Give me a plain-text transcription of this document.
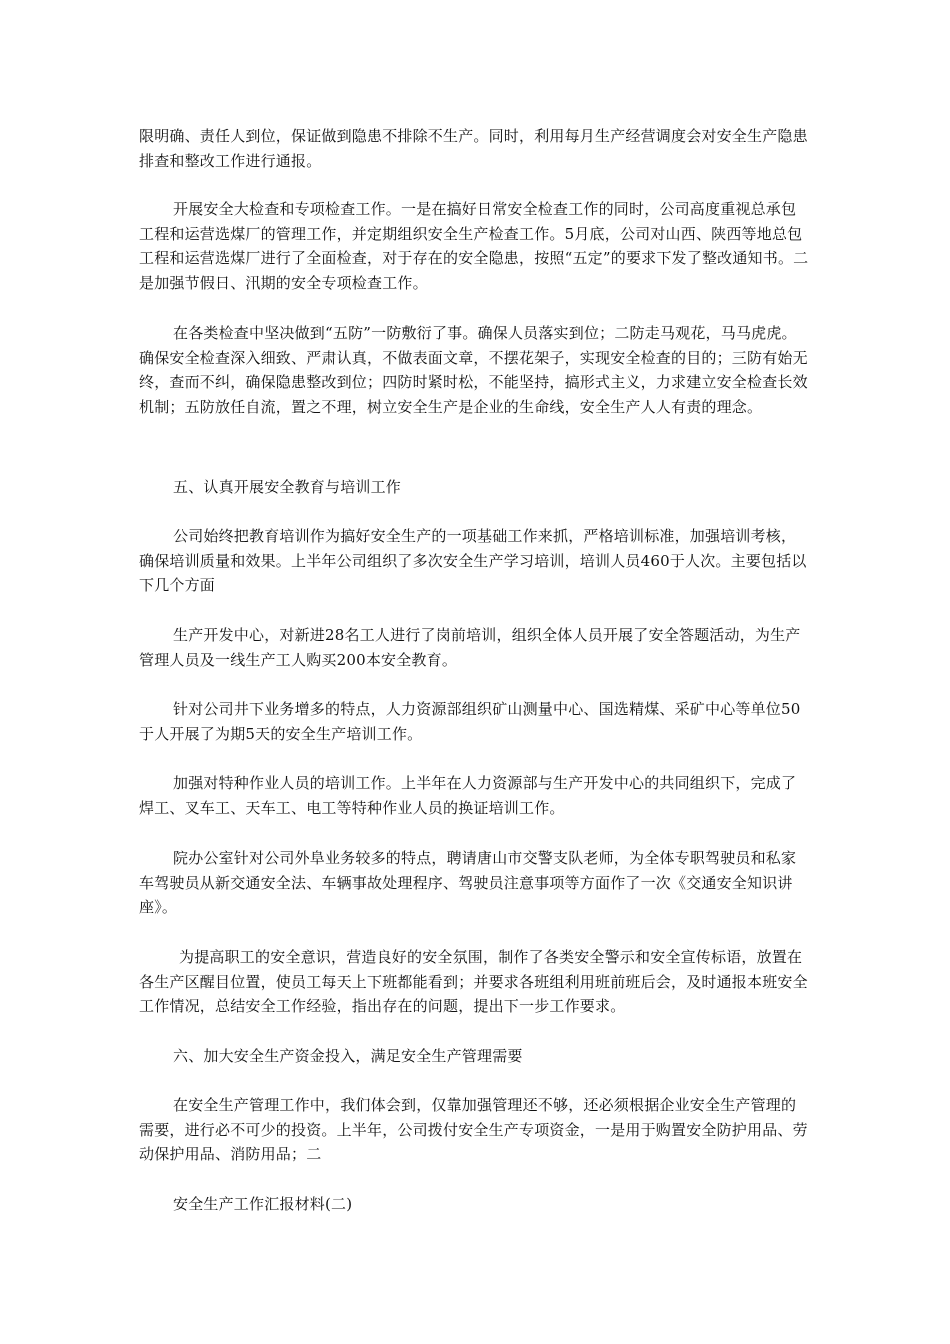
限明确、责任人到位，保证做到隐患不排除不生产。同时，利用每月生产经营调度会对安全生产隐患排查和整改工作进行通报。

开展安全大检查和专项检查工作。一是在搞好日常安全检查工作的同时，公司高度重视总承包工程和运营选煤厂的管理工作，并定期组织安全生产检查工作。5月底，公司对山西、陕西等地总包工程和运营选煤厂进行了全面检查，对于存在的安全隐患，按照“五定”的要求下发了整改通知书。二是加强节假日、汛期的安全专项检查工作。

在各类检查中坚决做到“五防”一防敷衍了事。确保人员落实到位；二防走马观花，马马虎虎。确保安全检查深入细致、严肃认真，不做表面文章，不摆花架子，实现安全检查的目的；三防有始无终，查而不纠，确保隐患整改到位；四防时紧时松，不能坚持，搞形式主义，力求建立安全检查长效机制；五防放任自流，置之不理，树立安全生产是企业的生命线，安全生产人人有责的理念。

五、认真开展安全教育与培训工作

公司始终把教育培训作为搞好安全生产的一项基础工作来抓，严格培训标准，加强培训考核，确保培训质量和效果。上半年公司组织了多次安全生产学习培训，培训人员460于人次。主要包括以下几个方面

生产开发中心，对新进28名工人进行了岗前培训，组织全体人员开展了安全答题活动，为生产管理人员及一线生产工人购买200本安全教育。

针对公司井下业务增多的特点，人力资源部组织矿山测量中心、国选精煤、采矿中心等单位50于人开展了为期5天的安全生产培训工作。

加强对特种作业人员的培训工作。上半年在人力资源部与生产开发中心的共同组织下，完成了焊工、叉车工、天车工、电工等特种作业人员的换证培训工作。

院办公室针对公司外阜业务较多的特点，聘请唐山市交警支队老师，为全体专职驾驶员和私家车驾驶员从新交通安全法、车辆事故处理程序、驾驶员注意事项等方面作了一次《交通安全知识讲座》。

为提高职工的安全意识，营造良好的安全氛围，制作了各类安全警示和安全宣传标语，放置在各生产区醒目位置，使员工每天上下班都能看到；并要求各班组利用班前班后会，及时通报本班安全工作情况，总结安全工作经验，指出存在的问题，提出下一步工作要求。

六、加大安全生产资金投入，满足安全生产管理需要

在安全生产管理工作中，我们体会到，仅靠加强管理还不够，还必须根据企业安全生产管理的需要，进行必不可少的投资。上半年，公司拨付安全生产专项资金，一是用于购置安全防护用品、劳动保护用品、消防用品；二

安全生产工作汇报材料(二)
